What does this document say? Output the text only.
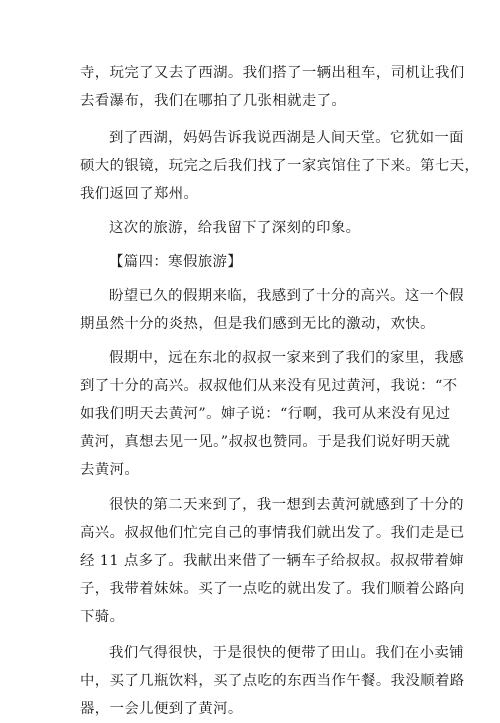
寺，玩完了又去了西湖。我们搭了一辆出租车，司机让我们
去看瀑布，我们在哪拍了几张相就走了。
到了西湖，妈妈告诉我说西湖是人间天堂。它犹如一面
硕大的银镜，玩完之后我们找了一家宾馆住了下来。第七天，
我们返回了郑州。
这次的旅游，给我留下了深刻的印象。
【篇四：寒假旅游】
盼望已久的假期来临，我感到了十分的高兴。这一个假
期虽然十分的炎热，但是我们感到无比的激动，欢快。
假期中，远在东北的叔叔一家来到了我们的家里，我感
到了十分的高兴。叔叔他们从来没有见过黄河，我说：“不
如我们明天去黄河”。婶子说：“行啊，我可从来没有见过
黄河，真想去见一见。”叔叔也赞同。于是我们说好明天就
去黄河。
很快的第二天来到了，我一想到去黄河就感到了十分的
高兴。叔叔他们忙完自己的事情我们就出发了。我们走是已
经 11 点多了。我献出来借了一辆车子给叔叔。叔叔带着婶
子，我带着妹妹。买了一点吃的就出发了。我们顺着公路向
下骑。
我们气得很快，于是很快的便带了田山。我们在小卖铺
中，买了几瓶饮料，买了点吃的东西当作午餐。我没顺着路
器，一会儿便到了黄河。
